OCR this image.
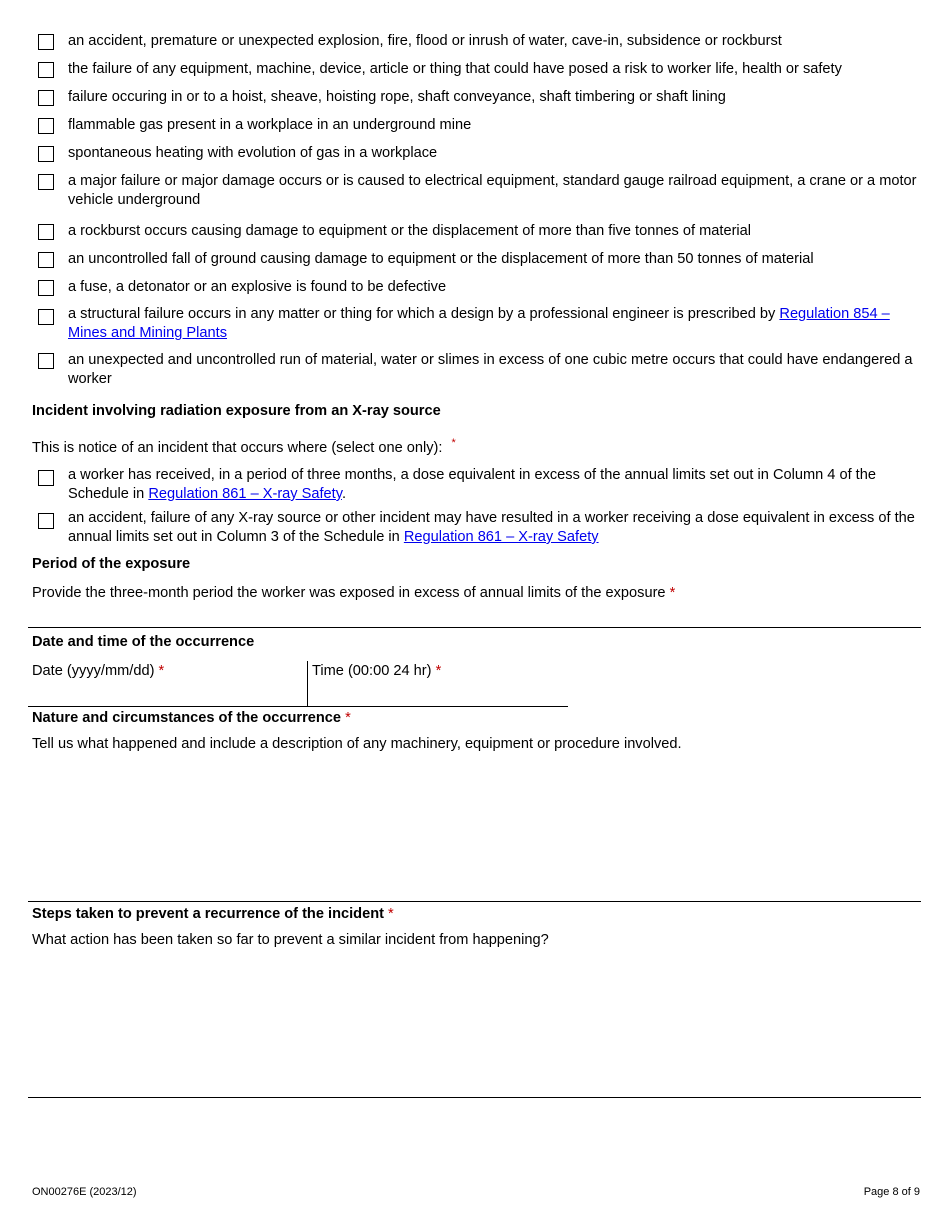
an accident, premature or unexpected explosion, fire, flood or inrush of water, cave-in, subsidence or rockburst
the failure of any equipment, machine, device, article or thing that could have posed a risk to worker life, health or safety
failure occuring in or to a hoist, sheave, hoisting rope, shaft conveyance, shaft timbering or shaft lining
flammable gas present in a workplace in an underground mine
spontaneous heating with evolution of gas in a workplace
a major failure or major damage occurs or is caused to electrical equipment, standard gauge railroad equipment, a crane or a motor vehicle underground
a rockburst occurs causing damage to equipment or the displacement of more than five tonnes of material
an uncontrolled fall of ground causing damage to equipment or the displacement of more than 50 tonnes of material
a fuse, a detonator or an explosive is found to be defective
a structural failure occurs in any matter or thing for which a design by a professional engineer is prescribed by Regulation 854 – Mines and Mining Plants
an unexpected and uncontrolled run of material, water or slimes in excess of one cubic metre occurs that could have endangered a worker
Incident involving radiation exposure from an X-ray source
This is notice of an incident that occurs where (select one only): *
a worker has received, in a period of three months, a dose equivalent in excess of the annual limits set out in Column 4 of the Schedule in Regulation 861 – X-ray Safety.
an accident, failure of any X-ray source or other incident may have resulted in a worker receiving a dose equivalent in excess of the annual limits set out in Column 3 of the Schedule in Regulation 861 – X-ray Safety
Period of the exposure
Provide the three-month period the worker was exposed in excess of annual limits of the exposure *
Date and time of the occurrence
Date (yyyy/mm/dd) *	Time (00:00 24 hr) *
Nature and circumstances of the occurrence *
Tell us what happened and include a description of any machinery, equipment or procedure involved.
Steps taken to prevent a recurrence of the incident *
What action has been taken so far to prevent a similar incident from happening?
ON00276E (2023/12)	Page 8 of 9
